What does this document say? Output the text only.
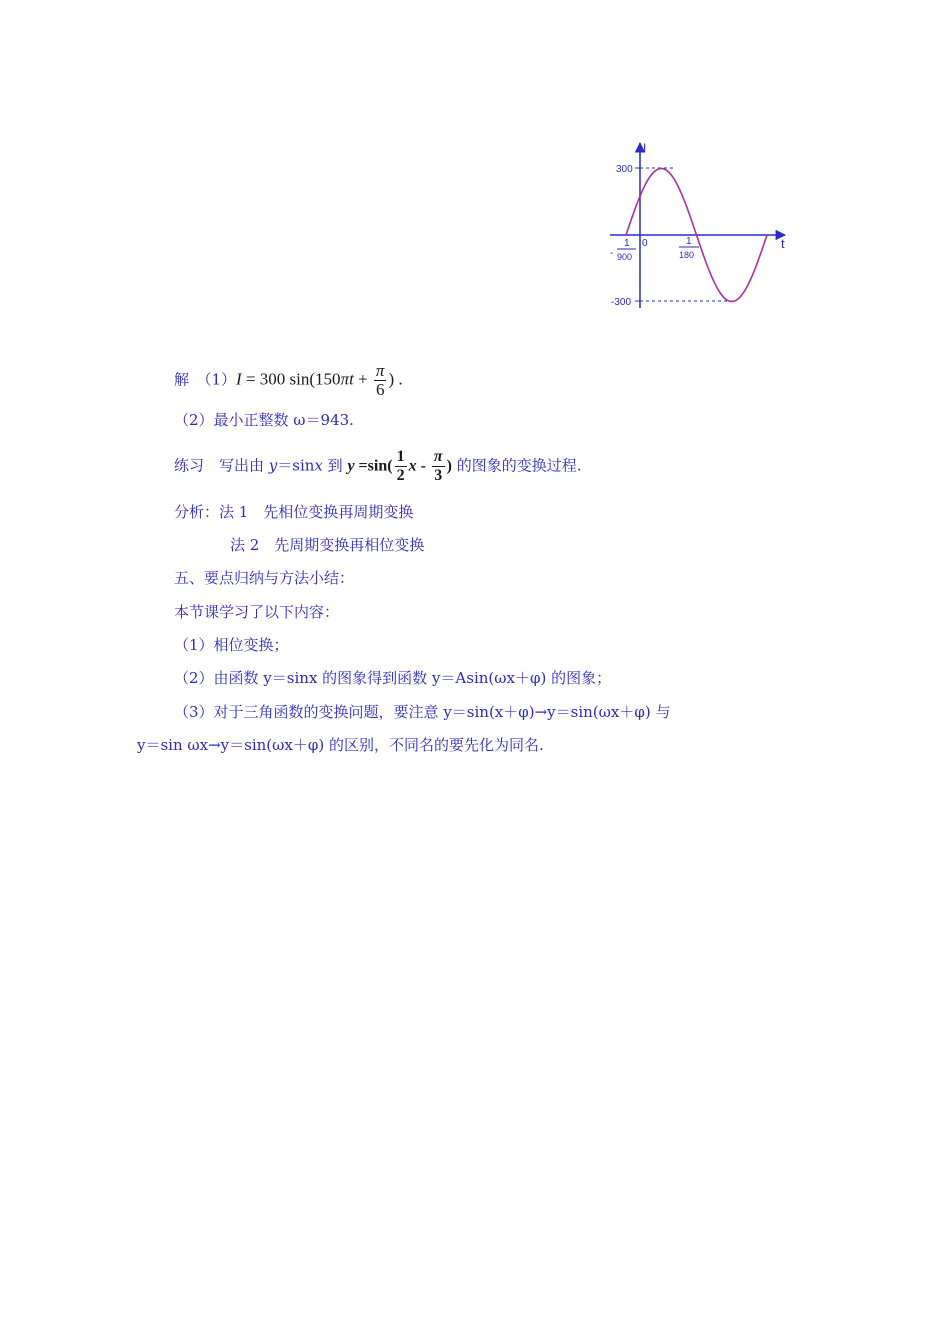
I
t
300
-300
0
1
- 900
1
180
解　（1）I = 300 $\sin(150\pi t + \frac{\pi}{6}$ ) .
（2）最小正整数 ω＝943.
练习　写出由 y＝sinx 到 $y =\sin( \frac{1}{2}$ x - $\frac{\pi}{3}$ ) 的图象的变换过程.
分析：法 1　先相位变换再周期变换
法 2　先周期变换再相位变换
五、要点归纳与方法小结：
本节课学习了以下内容：
（1）相位变换；
（2）由函数 y＝sinx 的图象得到函数 y＝Asin(ωx＋φ) 的图象；
（3）对于三角函数的变换问题，要注意 y＝sin(x＋φ)→y＝sin(ωx＋φ) 与
y＝sin ωx→y＝sin(ωx＋φ) 的区别，不同名的要先化为同名.
